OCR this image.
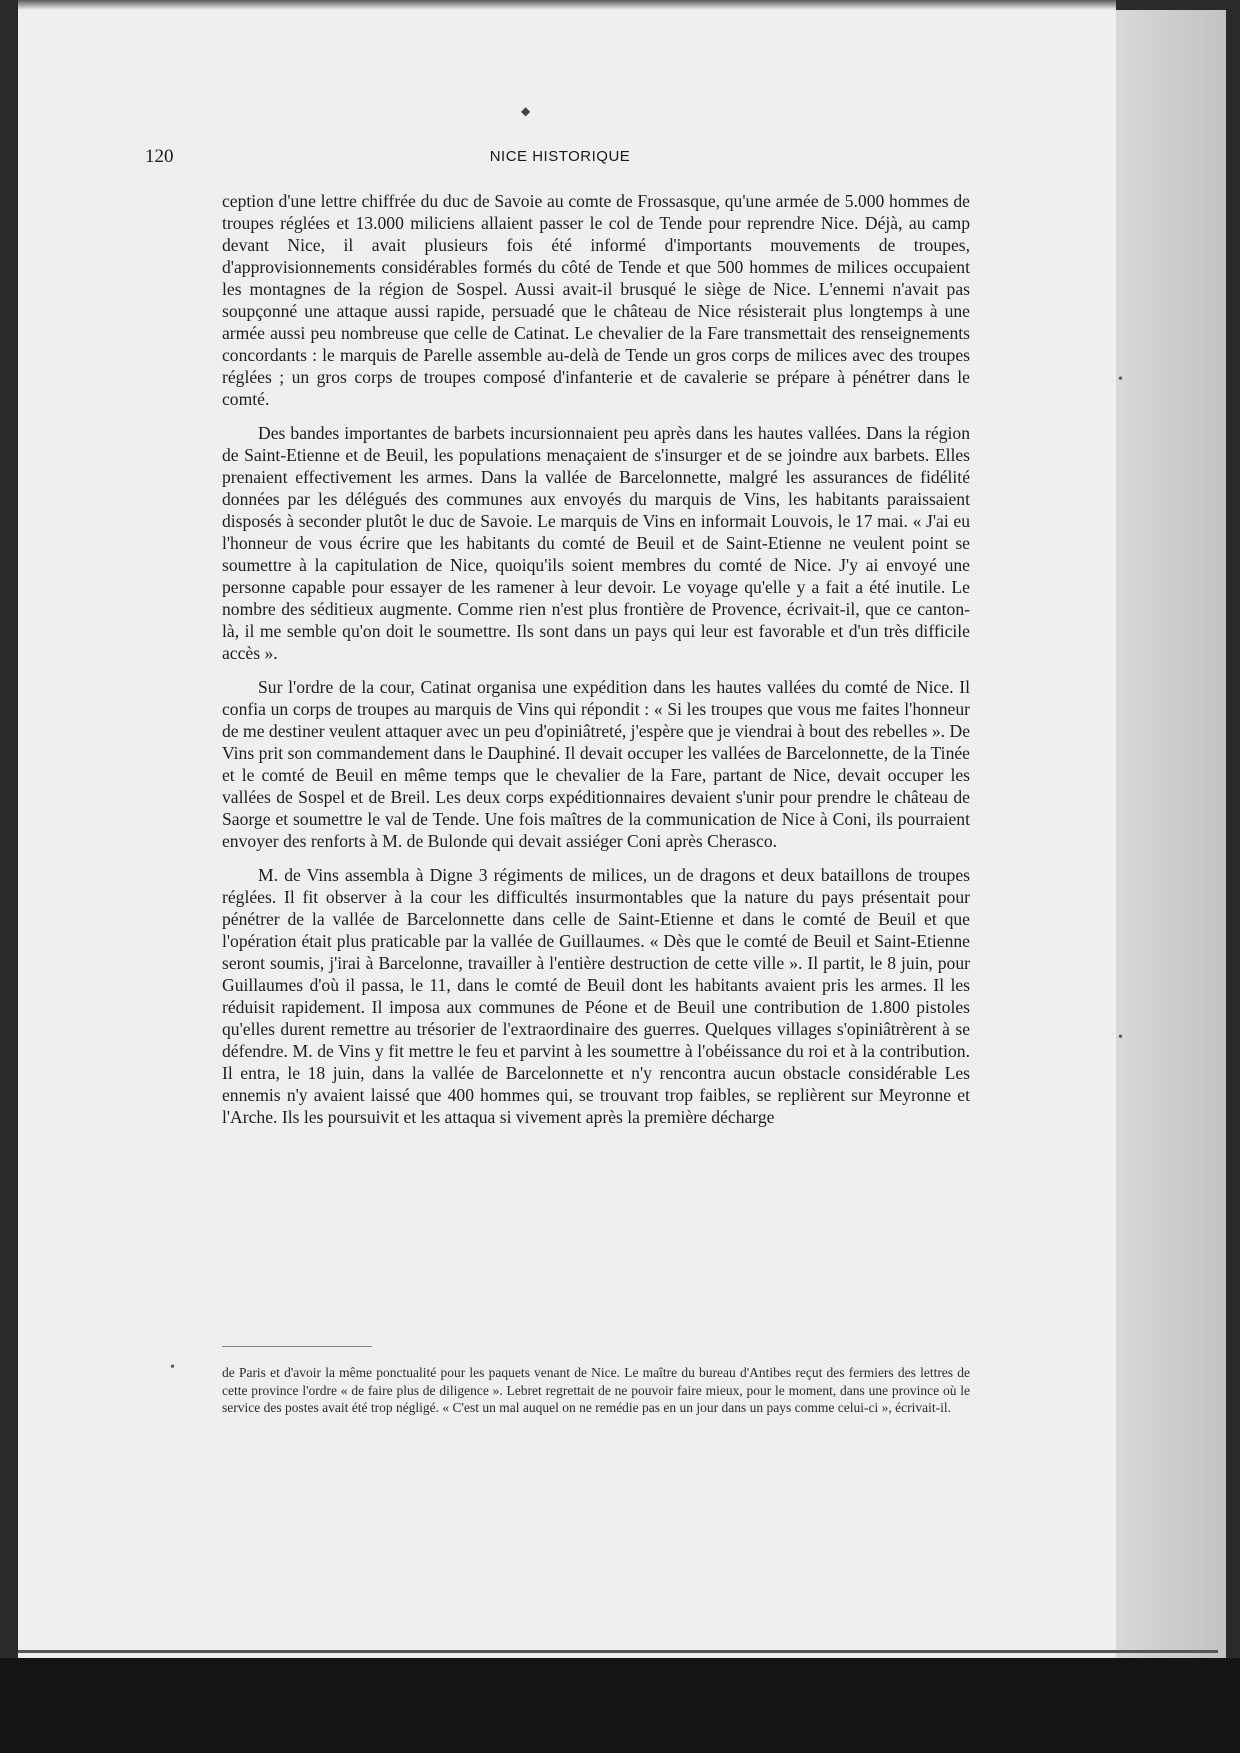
◆
•
•
•
120	NICE HISTORIQUE

ception d'une lettre chiffrée du duc de Savoie au comte de Frossasque, qu'une armée de 5.000 hommes de troupes réglées et 13.000 miliciens allaient passer le col de Tende pour reprendre Nice. Déjà, au camp devant Nice, il avait plusieurs fois été informé d'importants mouvements de troupes, d'approvisionnements considérables formés du côté de Tende et que 500 hommes de milices occupaient les montagnes de la région de Sospel. Aussi avait-il brusqué le siège de Nice. L'ennemi n'avait pas soupçonné une attaque aussi rapide, persuadé que le château de Nice résisterait plus longtemps à une armée aussi peu nombreuse que celle de Catinat. Le chevalier de la Fare transmettait des renseignements concordants : le marquis de Parelle assemble au-delà de Tende un gros corps de milices avec des troupes réglées ; un gros corps de troupes composé d'infanterie et de cavalerie se prépare à pénétrer dans le comté.

Des bandes importantes de barbets incursionnaient peu après dans les hautes vallées. Dans la région de Saint-Etienne et de Beuil, les populations menaçaient de s'insurger et de se joindre aux barbets. Elles prenaient effectivement les armes. Dans la vallée de Barcelonnette, malgré les assurances de fidélité données par les délégués des communes aux envoyés du marquis de Vins, les habitants paraissaient disposés à seconder plutôt le duc de Savoie. Le marquis de Vins en informait Louvois, le 17 mai. « J'ai eu l'honneur de vous écrire que les habitants du comté de Beuil et de Saint-Etienne ne veulent point se soumettre à la capitulation de Nice, quoiqu'ils soient membres du comté de Nice. J'y ai envoyé une personne capable pour essayer de les ramener à leur devoir. Le voyage qu'elle y a fait a été inutile. Le nombre des séditieux augmente. Comme rien n'est plus frontière de Provence, écrivait-il, que ce canton-là, il me semble qu'on doit le soumettre. Ils sont dans un pays qui leur est favorable et d'un très difficile accès ».

Sur l'ordre de la cour, Catinat organisa une expédition dans les hautes vallées du comté de Nice. Il confia un corps de troupes au marquis de Vins qui répondit : « Si les troupes que vous me faites l'honneur de me destiner veulent attaquer avec un peu d'opiniâtreté, j'espère que je viendrai à bout des rebelles ». De Vins prit son commandement dans le Dauphiné. Il devait occuper les vallées de Barcelonnette, de la Tinée et le comté de Beuil en même temps que le chevalier de la Fare, partant de Nice, devait occuper les vallées de Sospel et de Breil. Les deux corps expéditionnaires devaient s'unir pour prendre le château de Saorge et soumettre le val de Tende. Une fois maîtres de la communication de Nice à Coni, ils pourraient envoyer des renforts à M. de Bulonde qui devait assiéger Coni après Cherasco.

M. de Vins assembla à Digne 3 régiments de milices, un de dragons et deux bataillons de troupes réglées. Il fit observer à la cour les difficultés insurmontables que la nature du pays présentait pour pénétrer de la vallée de Barcelonnette dans celle de Saint-Etienne et dans le comté de Beuil et que l'opération était plus praticable par la vallée de Guillaumes. « Dès que le comté de Beuil et Saint-Etienne seront soumis, j'irai à Barcelonne, travailler à l'entière destruction de cette ville ». Il partit, le 8 juin, pour Guillaumes d'où il passa, le 11, dans le comté de Beuil dont les habitants avaient pris les armes. Il les réduisit rapidement. Il imposa aux communes de Péone et de Beuil une contribution de 1.800 pistoles qu'elles durent remettre au trésorier de l'extraordinaire des guerres. Quelques villages s'opiniâtrèrent à se défendre. M. de Vins y fit mettre le feu et parvint à les soumettre à l'obéissance du roi et à la contribution. Il entra, le 18 juin, dans la vallée de Barcelonnette et n'y rencontra aucun obstacle considérable Les ennemis n'y avaient laissé que 400 hommes qui, se trouvant trop faibles, se replièrent sur Meyronne et l'Arche. Ils les poursuivit et les attaqua si vivement après la première décharge

de Paris et d'avoir la même ponctualité pour les paquets venant de Nice. Le maître du bureau d'Antibes reçut des fermiers des lettres de cette province l'ordre « de faire plus de diligence ». Lebret regrettait de ne pouvoir faire mieux, pour le moment, dans une province où le service des postes avait été trop négligé. « C'est un mal auquel on ne remédie pas en un jour dans un pays comme celui-ci », écrivait-il.
